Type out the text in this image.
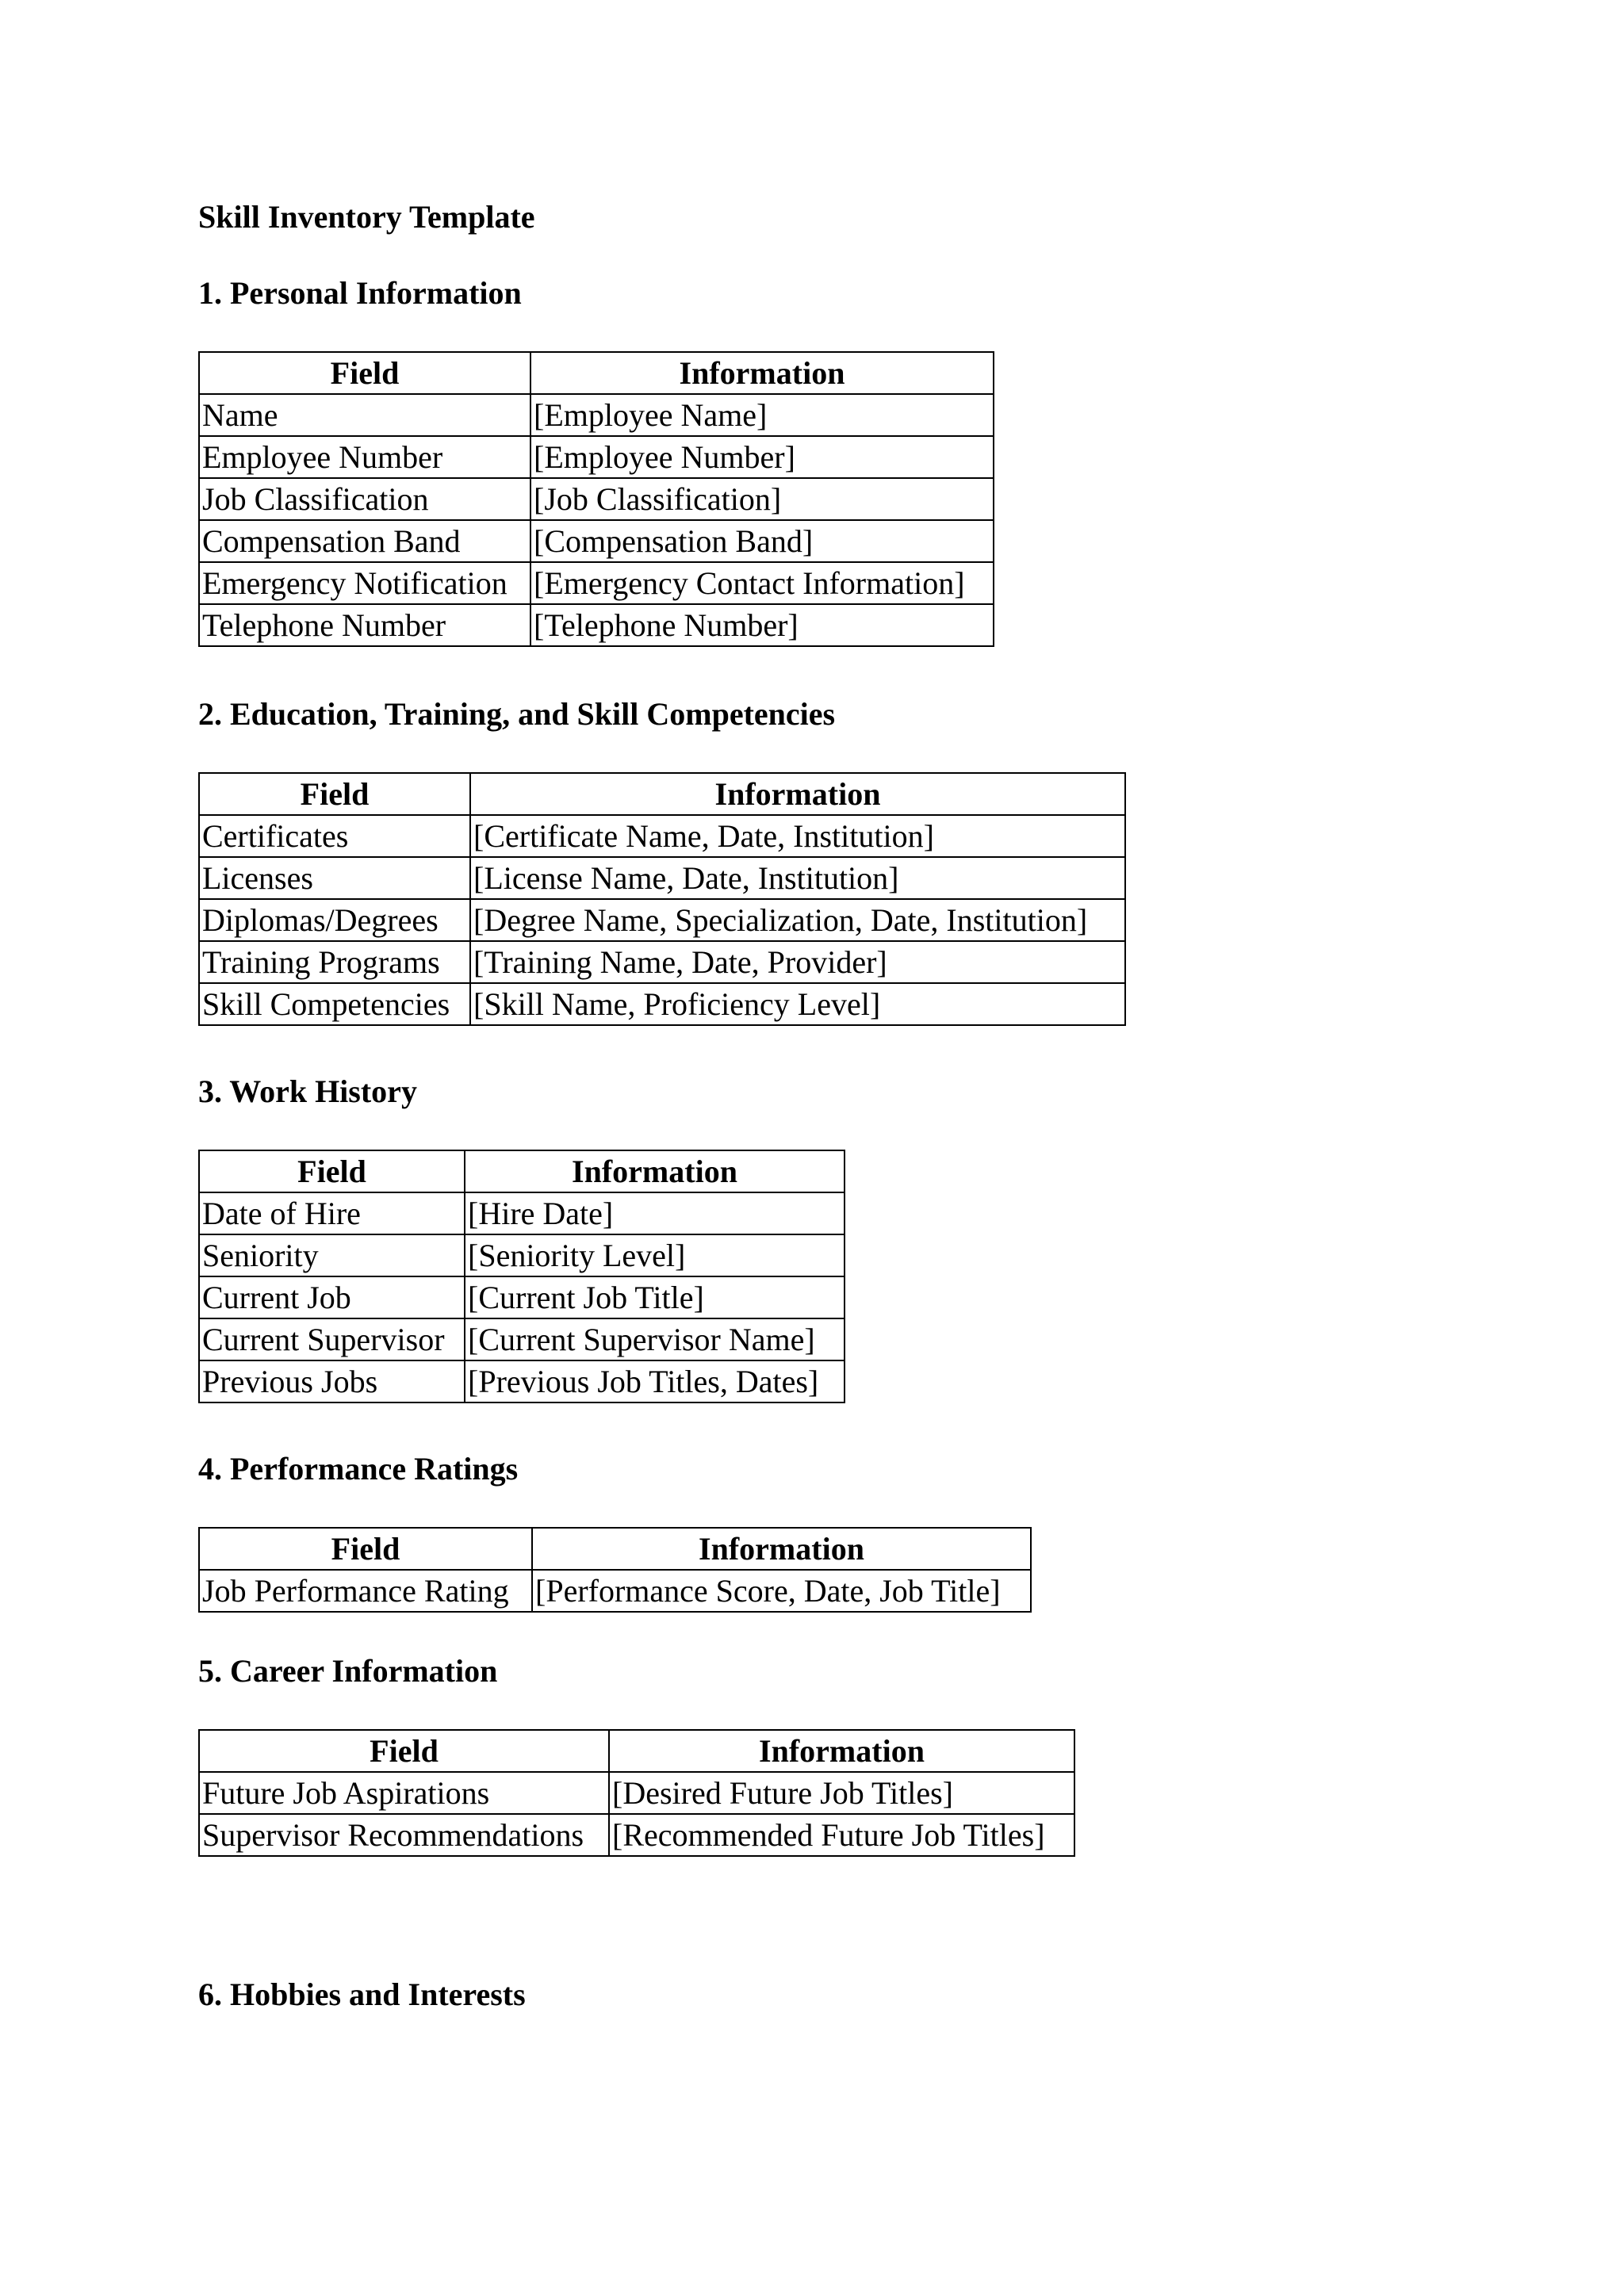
Skill Inventory Template
1. Personal Information
Field	Information
Name	[Employee Name]
Employee Number	[Employee Number]
Job Classification	[Job Classification]
Compensation Band	[Compensation Band]
Emergency Notification	[Emergency Contact Information]
Telephone Number	[Telephone Number]
2. Education, Training, and Skill Competencies
Field	Information
Certificates	[Certificate Name, Date, Institution]
Licenses	[License Name, Date, Institution]
Diplomas/Degrees	[Degree Name, Specialization, Date, Institution]
Training Programs	[Training Name, Date, Provider]
Skill Competencies	[Skill Name, Proficiency Level]
3. Work History
Field	Information
Date of Hire	[Hire Date]
Seniority	[Seniority Level]
Current Job	[Current Job Title]
Current Supervisor	[Current Supervisor Name]
Previous Jobs	[Previous Job Titles, Dates]
4. Performance Ratings
Field	Information
Job Performance Rating	[Performance Score, Date, Job Title]
5. Career Information
Field	Information
Future Job Aspirations	[Desired Future Job Titles]
Supervisor Recommendations	[Recommended Future Job Titles]
6. Hobbies and Interests
